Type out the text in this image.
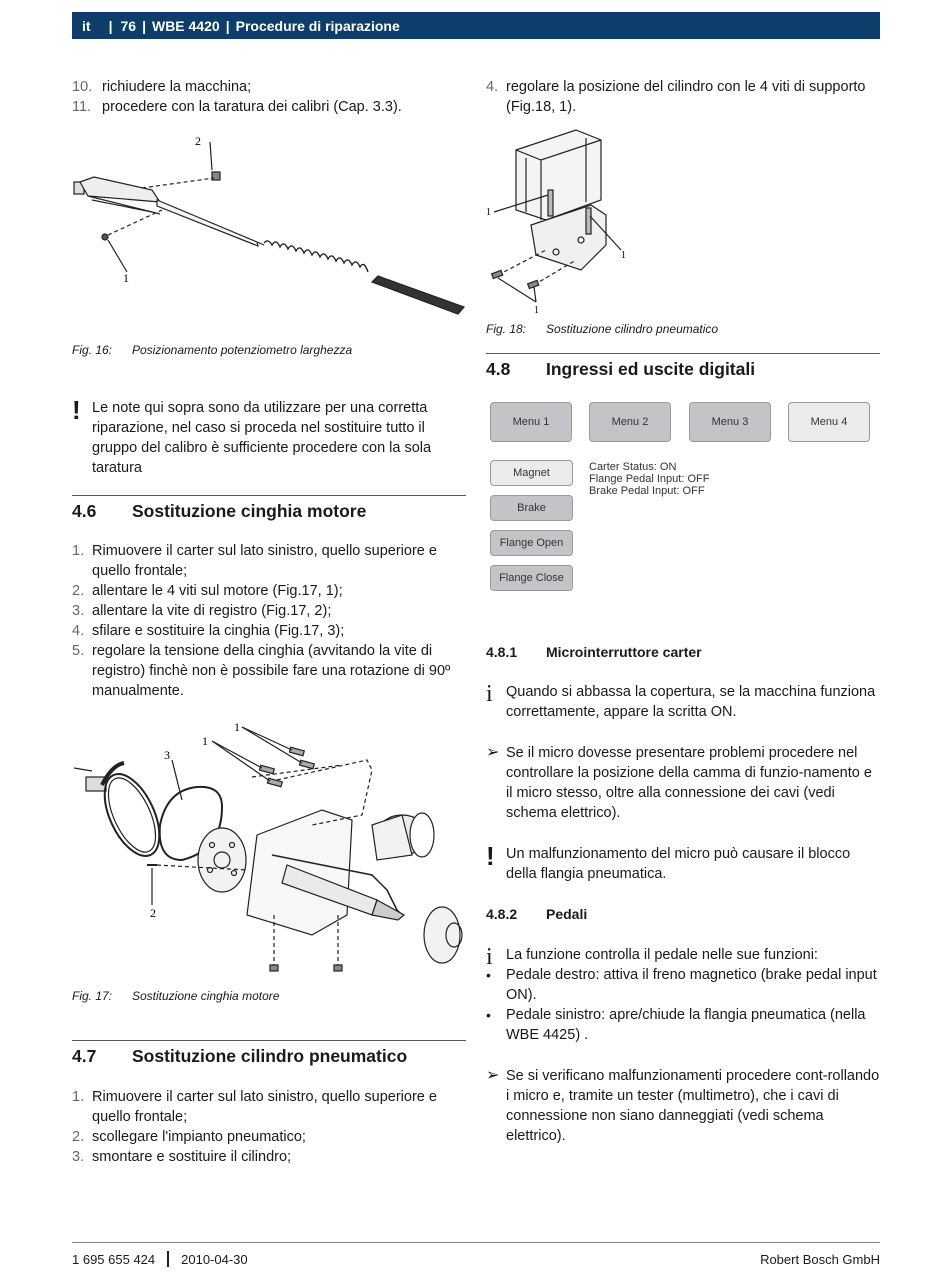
it	| 76 | WBE 4420 | Procedure di riparazione
10. richiudere la macchina;
11. procedere con la taratura dei calibri (Cap. 3.3).
2
1
Fig. 16:	Posizionamento potenziometro larghezza
! Le note qui sopra sono da utilizzare per una corretta riparazione, nel caso si proceda nel sostituire tutto il gruppo del calibro è sufficiente procedere con la sola taratura
4.6	Sostituzione cinghia motore
1. Rimuovere il carter sul lato sinistro, quello superiore e quello frontale;
2. allentare le 4 viti sul motore (Fig.17, 1);
3. allentare la vite di registro (Fig.17, 2);
4. sfilare e sostituire la cinghia (Fig.17, 3);
5. regolare la tensione della cinghia (avvitando la vite di registro) finchè non è possibile fare una rotazione di 90º manualmente.
1
3
1
2
Fig. 17:	Sostituzione cinghia motore
4.7	Sostituzione cilindro pneumatico
1. Rimuovere il carter sul lato sinistro, quello superiore e quello frontale;
2. scollegare l'impianto pneumatico;
3. smontare e sostituire il cilindro;
4. regolare la posizione del cilindro con le 4 viti di supporto (Fig.18, 1).
1
1
1
Fig. 18:	Sostituzione cilindro pneumatico
4.8	Ingressi ed uscite digitali
Menu 1	Menu 2	Menu 3	Menu 4
Magnet
Brake
Flange Open
Flange Close
Carter Status: ON
Flange Pedal Input: OFF
Brake Pedal Input: OFF
4.8.1	Microinterruttore carter
i Quando si abbassa la copertura, se la macchina funziona correttamente, appare la scritta ON.
➢ Se il micro dovesse presentare problemi procedere nel controllare la posizione della camma di funzio-namento e il micro stesso, oltre alla connessione dei cavi (vedi schema elettrico).
! Un malfunzionamento del micro può causare il blocco della flangia pneumatica.
4.8.2	Pedali
i La funzione controlla il pedale nelle sue funzioni:
•	Pedale destro: attiva il freno magnetico (brake pedal input ON).
•	Pedale sinistro: apre/chiude la flangia pneumatica (nella WBE 4425) .
➢ Se si verificano malfunzionamenti procedere cont-rollando i micro e, tramite un tester (multimetro), che i cavi di connessione non siano danneggiati (vedi schema elettrico).
1 695 655 424 2010-04-30	Robert Bosch GmbH
